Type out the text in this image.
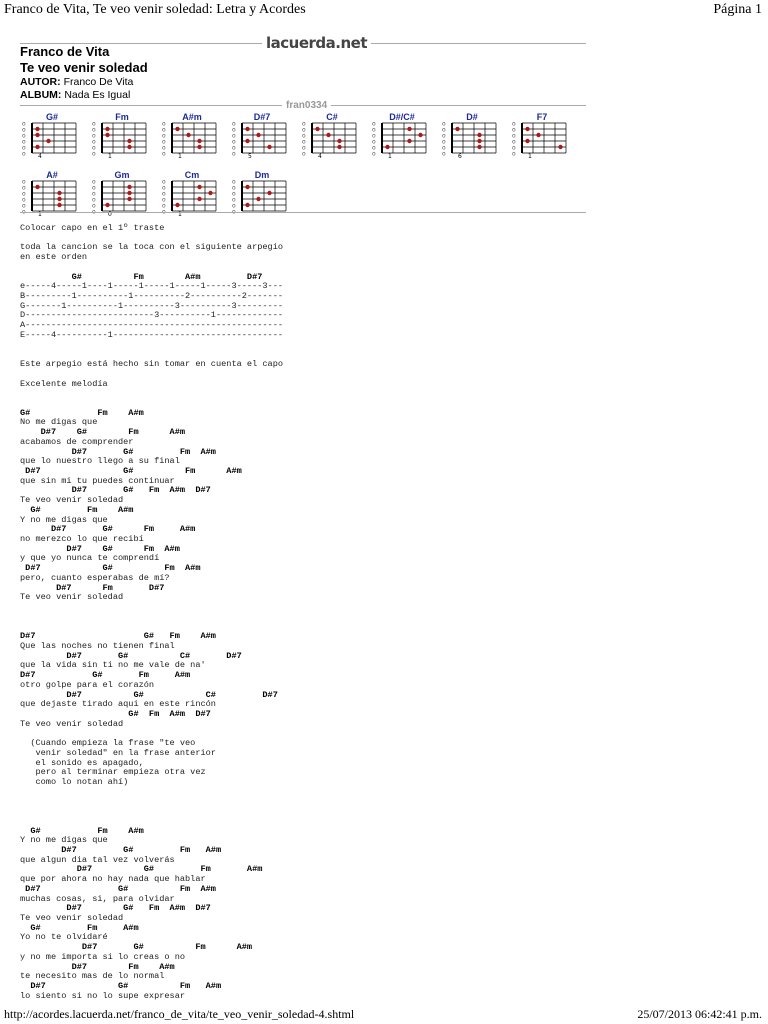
Franco de Vita, Te veo venir soledad: Letra y Acordes	Página 1
lacuerda.net
Franco de Vita
Te veo venir soledad
AUTOR: Franco De Vita
ALBUM: Nada Es Igual
fran0334
G#
o
o
o
o
o
o 4
Fm
o
o
o
o
o
o 1
A#m
o
o
o
o
o
o 1
D#7
o
o
o
o
o
o 5
C#
o
o
o
o
o
o 4
D#/C#
o
o
o
o
o
o 1
D#
o
o
o
o
o
o 6
F7
o
o
o
o
o
o 1
A#
o
o
o
o
o
o 1
Gm
o
o
o
o
o
o 0
Cm
o
o
o
o
o
o 1
Dm
o
o
o
o
o
o
Colocar capo en el 1º traste

toda la cancion se la toca con el siguiente arpegio
en este orden

G#          Fm        A#m         D#7
e-----4-----1----1-----1-----1-----1-----3-----3---
B---------1----------1----------2----------2-------
G-------1----------1----------3----------3---------
D-------------------------3----------1-------------
A--------------------------------------------------
E-----4----------1---------------------------------

Este arpegio está hecho sin tomar en cuenta el capo

Excelente melodía

G#             Fm    A#m
No me digas que
D#7    G#        Fm      A#m
acabamos de comprender
D#7       G#         Fm  A#m
que lo nuestro llego a su final
D#7                G#          Fm      A#m
que sin mi tu puedes continuar
D#7       G#   Fm  A#m  D#7
Te veo venir soledad
G#         Fm    A#m
Y no me digas que
D#7       G#      Fm     A#m
no merezco lo que recibí
D#7    G#      Fm  A#m
y que yo nunca te comprendí
D#7            G#          Fm  A#m
pero, cuanto esperabas de mí?
D#7      Fm       D#7
Te veo venir soledad

D#7                     G#   Fm    A#m
Que las noches no tienen final
D#7       G#          C#       D#7
que la vida sin ti no me vale de na'
D#7           G#       Fm     A#m
otro golpe para el corazón
D#7          G#            C#         D#7
que dejaste tirado aqui en este rincón
G#  Fm  A#m  D#7
Te veo venir soledad

(Cuando empieza la frase "te veo
venir soledad" en la frase anterior
el sonido es apagado,
pero al terminar empieza otra vez
como lo notan ahí)

G#           Fm    A#m
Y no me digas que
D#7         G#         Fm   A#m
que algun dia tal vez volverás
D#7          G#         Fm       A#m
que por ahora no hay nada que hablar
D#7               G#          Fm  A#m
muchas cosas, si, para olvidar
D#7        G#   Fm  A#m  D#7
Te veo venir soledad
G#         Fm     A#m
Yo no te olvidaré
D#7       G#          Fm      A#m
y no me importa si lo creas o no
D#7        Fm    A#m
te necesito mas de lo normal
D#7              G#          Fm   A#m
lo siento si no lo supe expresar

http://acordes.lacuerda.net/franco_de_vita/te_veo_venir_soledad-4.shtml	25/07/2013 06:42:41 p.m.
